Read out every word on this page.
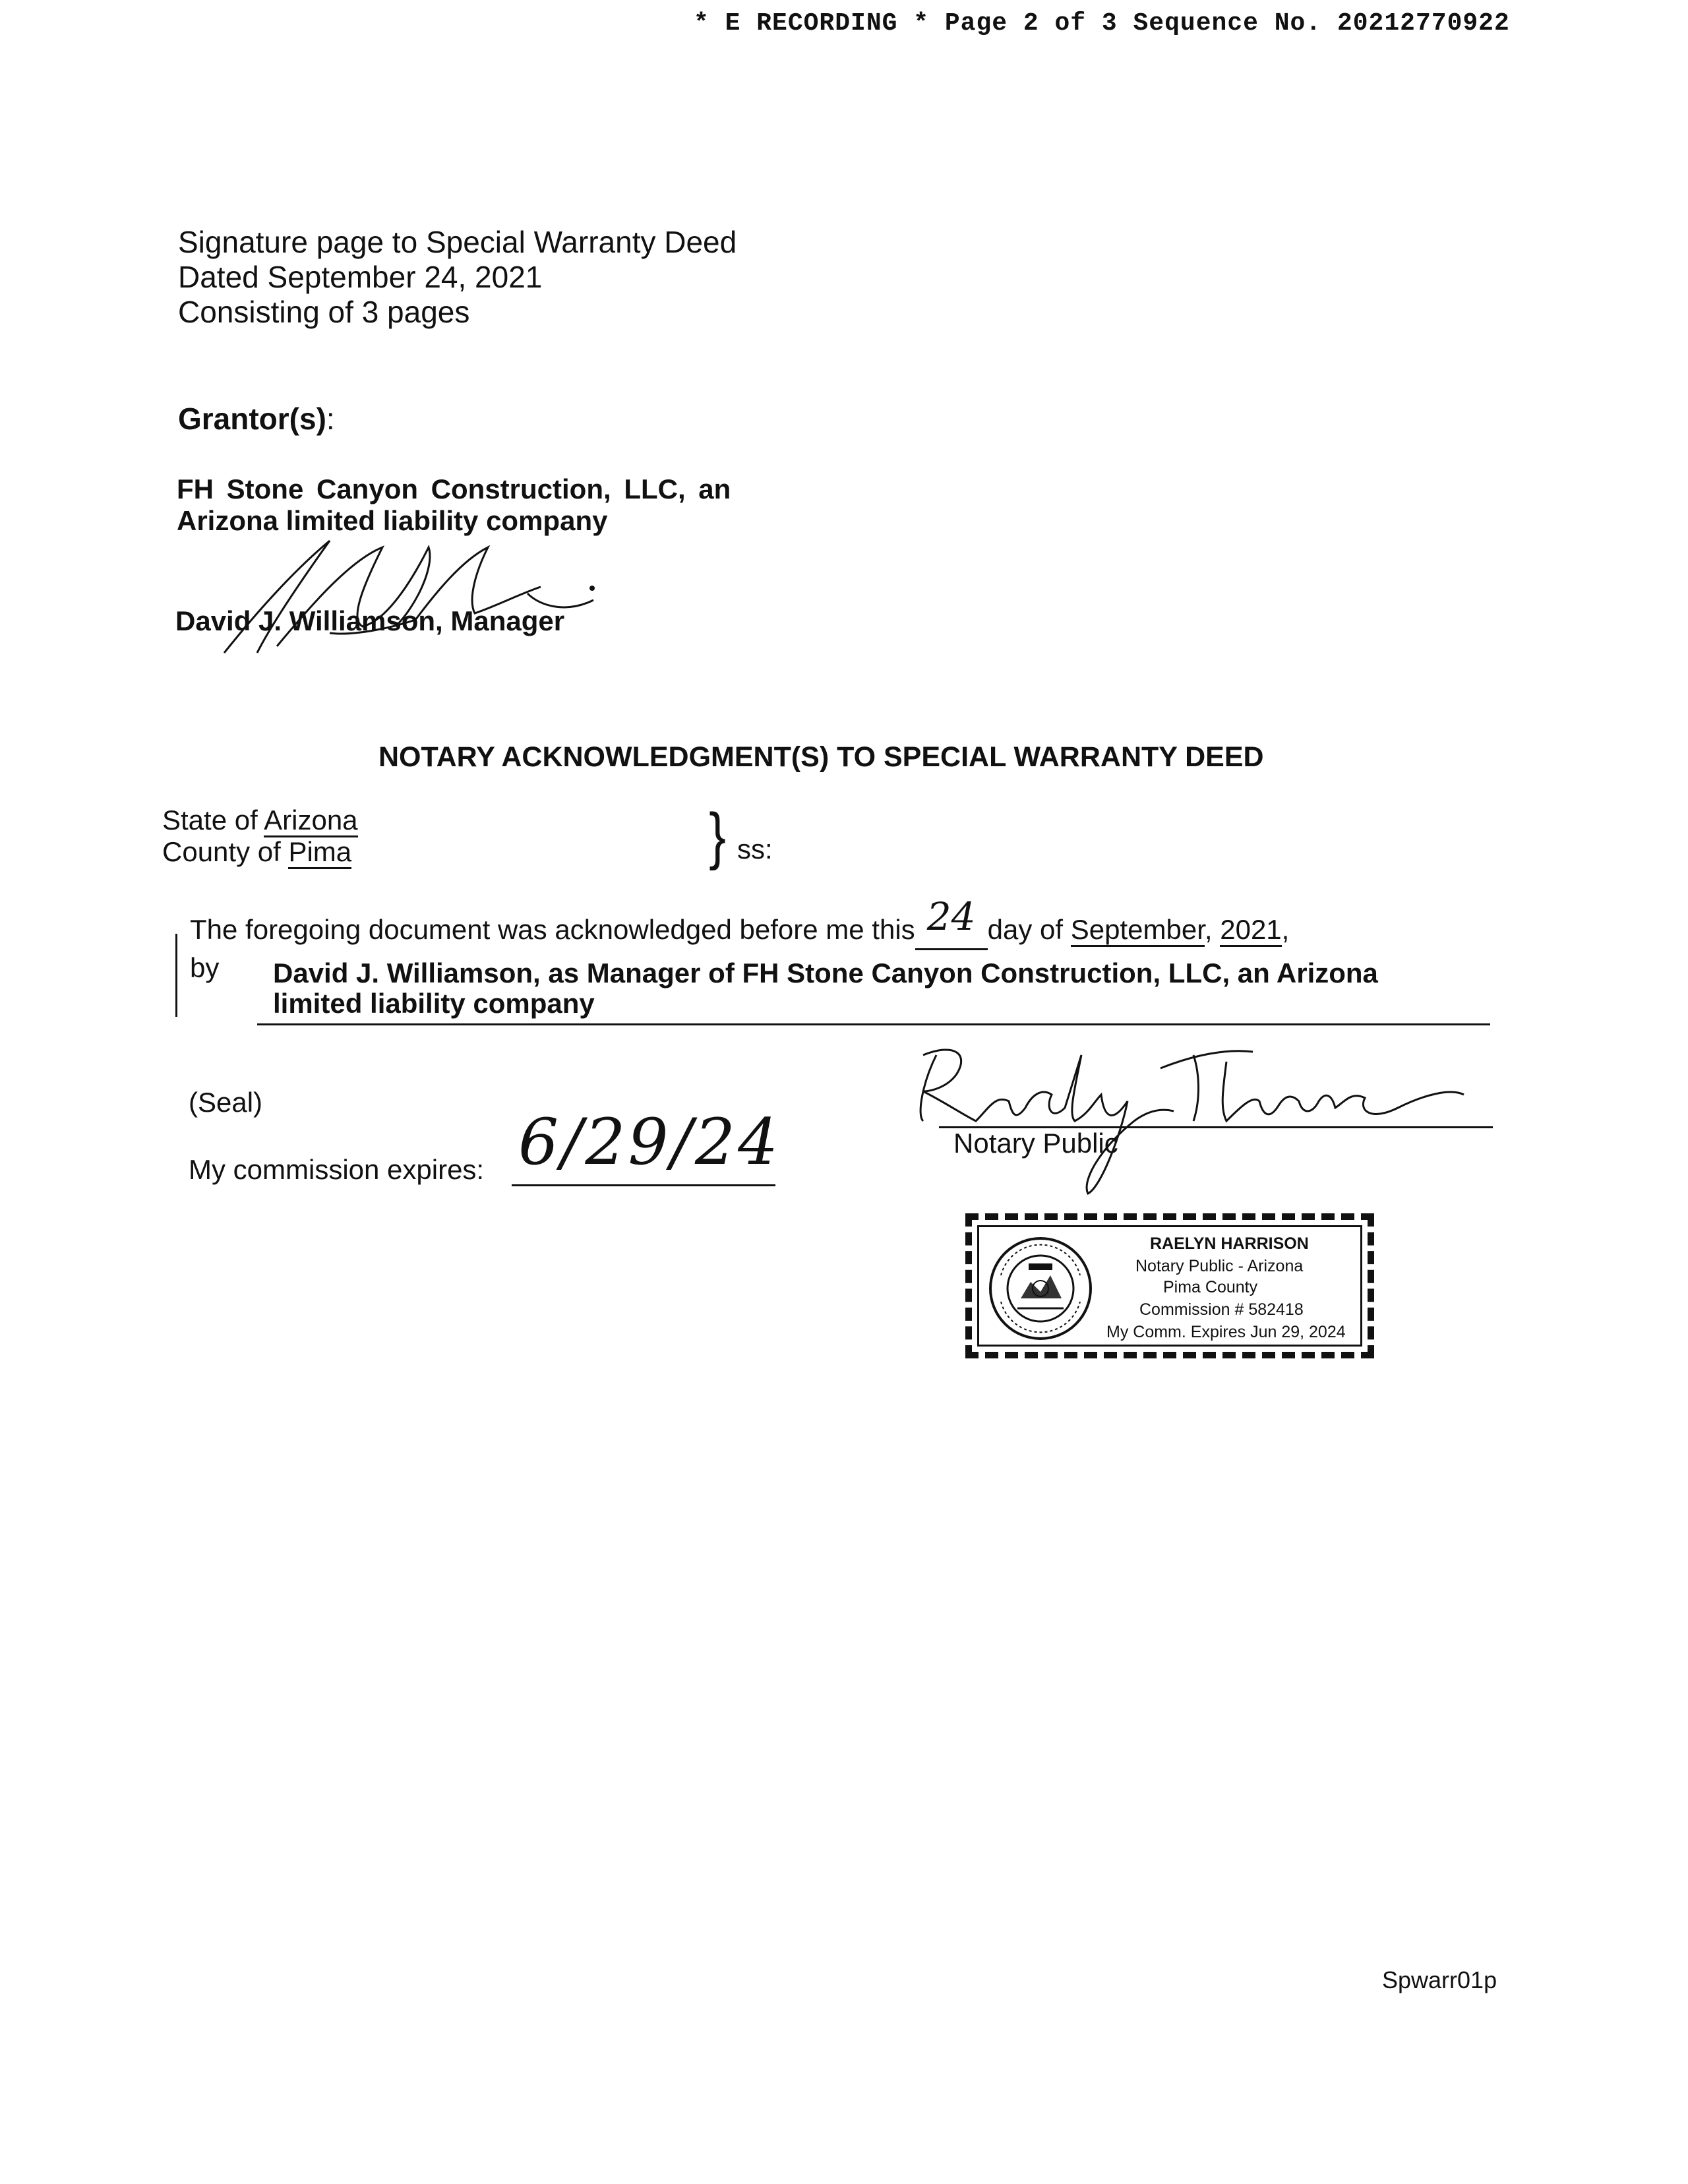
* E RECORDING * Page 2 of 3 Sequence No. 20212770922
Signature page to Special Warranty Deed
Dated September 24, 2021
Consisting of 3 pages
Grantor(s):
FH Stone Canyon Construction, LLC, an
Arizona limited liability company
David J. Williamson, Manager
NOTARY ACKNOWLEDGMENT(S) TO SPECIAL WARRANTY DEED
State of Arizona
County of Pima	} ss:
The foregoing document was acknowledged before me this 24 day of September, 2021,
by David J. Williamson, as Manager of FH Stone Canyon Construction, LLC, an Arizona
limited liability company
(Seal)
My commission expires: 6/29/24	Notary Public
RAELYN HARRISON
Notary Public - Arizona
Pima County
Commission # 582418
My Comm. Expires Jun 29, 2024
Spwarr01p
